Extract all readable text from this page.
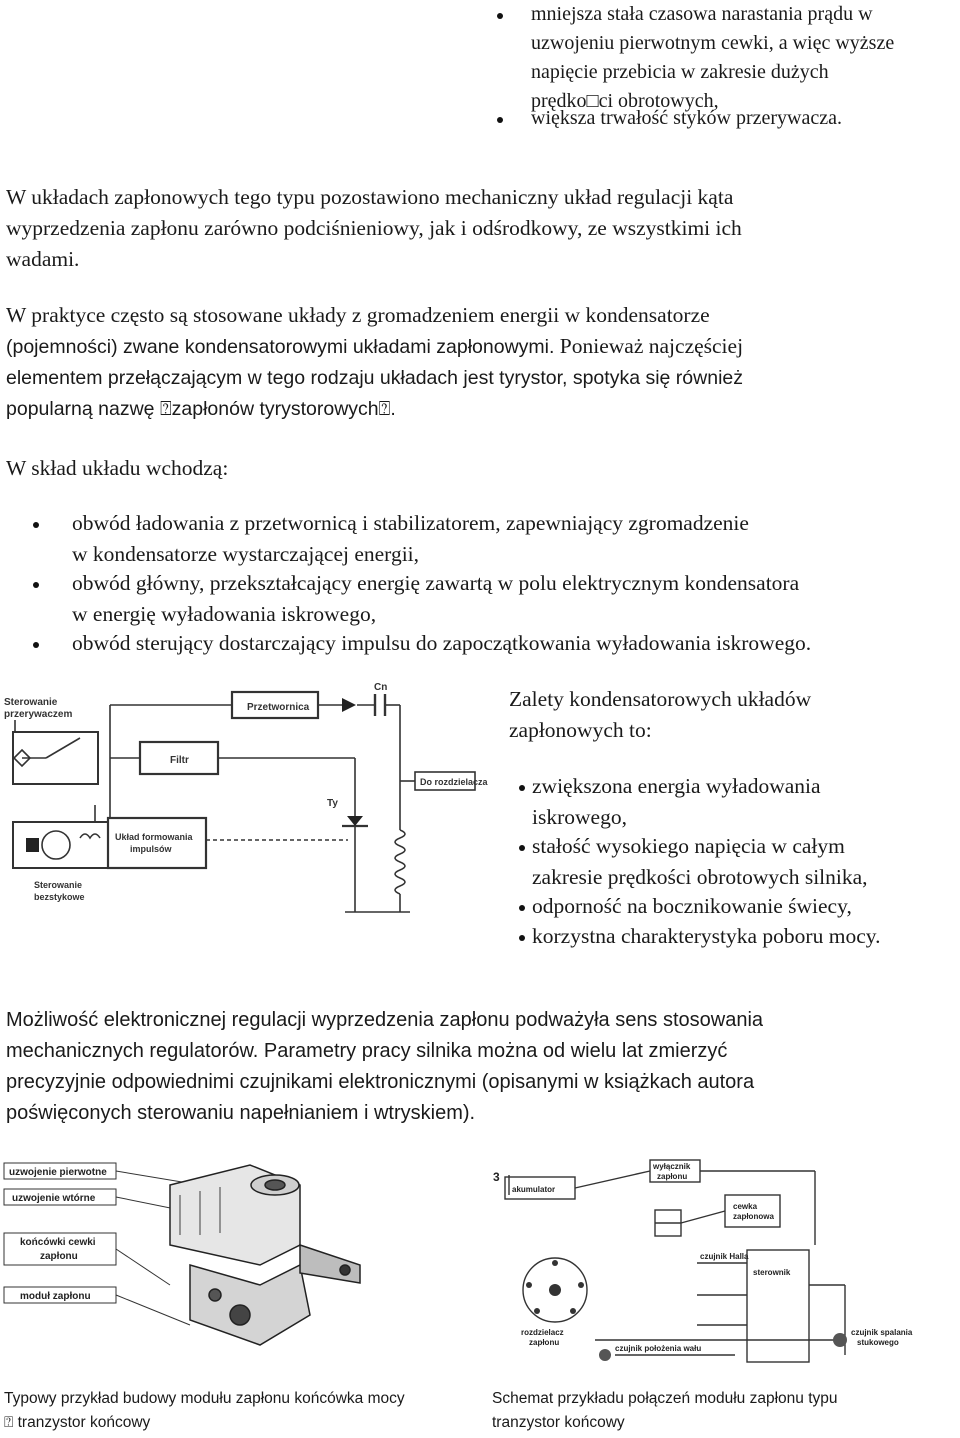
mniejsza stała czasowa narastania prądu w

uzwojeniu pierwotnym cewki, a więc wyższe

napięcie przebicia w zakresie dużych

prędko□ci obrotowych,

większa trwałość styków przerywacza.

W układach zapłonowych tego typu pozostawiono mechaniczny układ regulacji kąta

wyprzedzenia zapłonu zarówno podciśnieniowy, jak i odśrodkowy, ze wszystkimi ich

wadami.

W praktyce często są stosowane układy z gromadzeniem energii w kondensatorze

(pojemności) zwane kondensatorowymi układami zapłonowymi. Ponieważ najczęściej

elementem przełączającym w tego rodzaju układach jest tyrystor, spotyka się również

popularną nazwę ⍰zapłonów tyrystorowych⍰.

W skład układu wchodzą:

obwód ładowania z przetwornicą i stabilizatorem, zapewniający zgromadzenie

w kondensatorze wystarczającej energii,

obwód główny, przekształcający energię zawartą w polu elektrycznym kondensatora

w energię wyładowania iskrowego,

obwód sterujący dostarczający impulsu do zapoczątkowania wyładowania iskrowego.

Sterowanie
przerywaczem
Przetwornica
Cn
Filtr
Ty
Do rozdzielacza
Układ formowania
impulsów
Sterowanie
bezstykowe

Zalety kondensatorowych układów

zapłonowych to:

zwiększona energia wyładowania

iskrowego,

stałość wysokiego napięcia w całym

zakresie prędkości obrotowych silnika,

odporność na bocznikowanie świecy,

korzystna charakterystyka poboru mocy.

Możliwość elektronicznej regulacji wyprzedzenia zapłonu podważyła sens stosowania

mechanicznych regulatorów. Parametry pracy silnika można od wielu lat zmierzyć

precyzyjnie odpowiednimi czujnikami elektronicznymi (opisanymi w książkach autora

poświęconych sterowaniu napełnianiem i wtryskiem).

uzwojenie pierwotne
uzwojenie wtórne
końcówki cewki
zapłonu
moduł zapłonu

Typowy przykład budowy modułu zapłonu końcówka mocy

⍰ tranzystor końcowy

3
wyłącznik
zapłonu
akumulator
cewka
zapłonowa
czujnik Halla
sterownik
rozdzielacz
zapłonu
czujnik położenia wału
czujnik spalania
stukowego

Schemat przykładu połączeń modułu zapłonu typu

tranzystor końcowy
